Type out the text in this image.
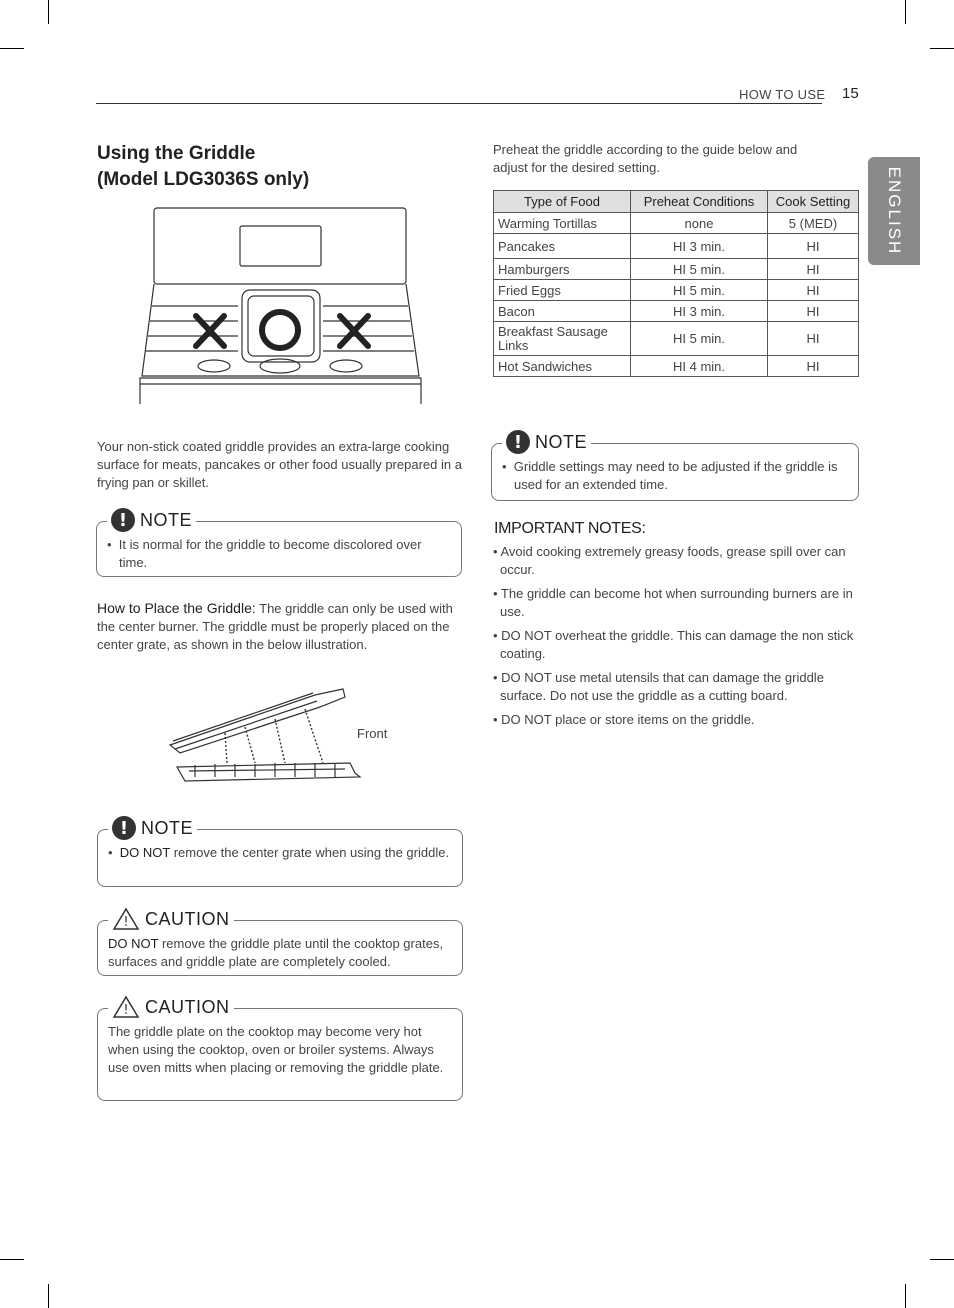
HOW TO USE 15
ENGLISH
Using the Griddle
(Model LDG3036S only)
Your non-stick coated griddle provides an extra-large cooking surface for meats, pancakes or other food usually prepared in a frying pan or skillet.
! NOTE
•  It is normal for the griddle to become discolored over time.
How to Place the Griddle: The griddle can only be used with the center burner. The griddle must be properly placed on the center grate, as shown in the below illustration.
Front
! NOTE
•  DO NOT remove the center grate when using the griddle.
! CAUTION
DO NOT remove the griddle plate until the cooktop grates, surfaces and griddle plate are completely cooled.
! CAUTION
The griddle plate on the cooktop may become very hot when using the cooktop, oven or broiler systems. Always use oven mitts when placing or removing the griddle plate.
Preheat the griddle according to the guide below and
adjust for the desired setting.
Type of Food	Preheat Conditions	Cook Setting
Warming Tortillas	none	5 (MED)
Pancakes	HI 3 min.	HI
Hamburgers	HI 5 min.	HI
Fried Eggs	HI 5 min.	HI
Bacon	HI 3 min.	HI
Breakfast Sausage Links	HI 5 min.	HI
Hot Sandwiches	HI 4 min.	HI
! NOTE
•  Griddle settings may need to be adjusted if the griddle is used for an extended time.
IMPORTANT NOTES:
• Avoid cooking extremely greasy foods, grease spill over can occur.
• The griddle can become hot when surrounding burners are in use.
• DO NOT overheat the griddle. This can damage the non stick coating.
• DO NOT use metal utensils that can damage the griddle surface. Do not use the griddle as a cutting board.
• DO NOT place or store items on the griddle.
